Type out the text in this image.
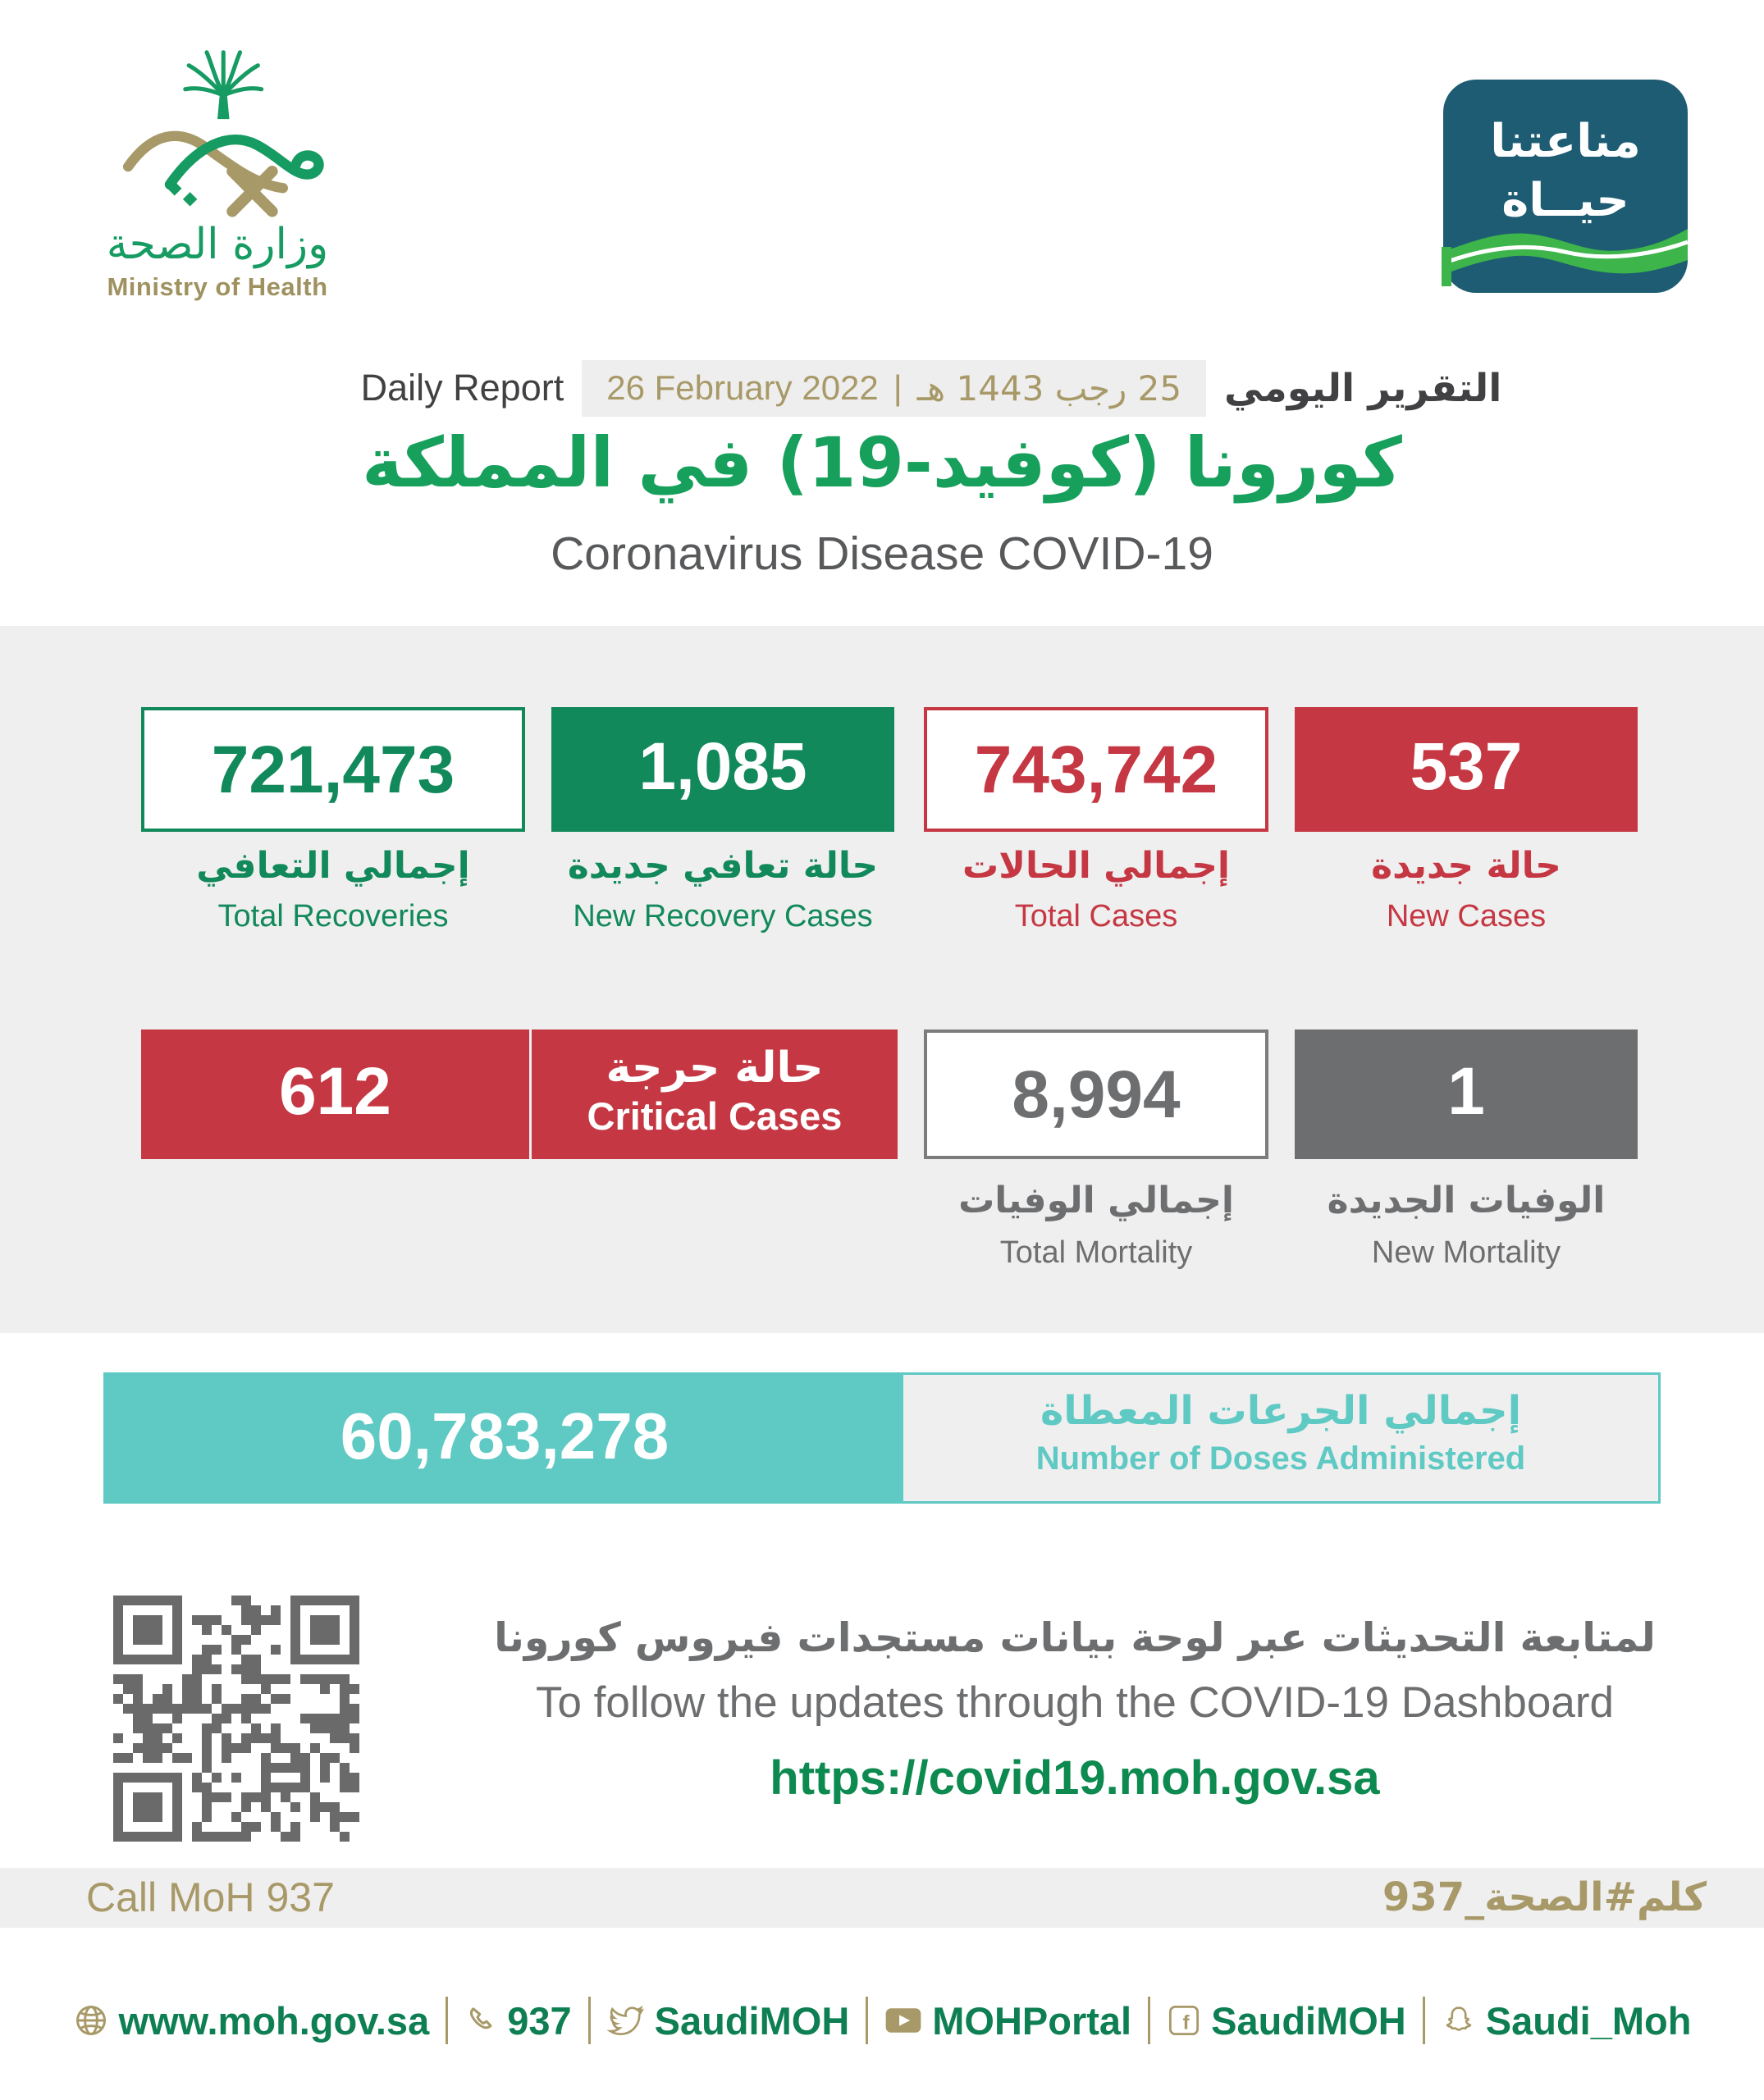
وزارة الصحة
Ministry of Health
مناعتنا
حيــاة
التقرير اليومي
25 رجب 1443 هـ
|
26 February 2022
Daily Report
كورونا (كوفيد-19) في المملكة
Coronavirus Disease COVID-19
721,473	1,085	743,742	537
إجمالي التعافي
Total Recoveries
حالة تعافي جديدة
New Recovery Cases
إجمالي الحالات
Total Cases
حالة جديدة
New Cases
612	حالة حرجة
Critical Cases	8,994	1
إجمالي الوفيات
Total Mortality
الوفيات الجديدة
New Mortality
60,783,278	إجمالي الجرعات المعطاة
Number of Doses Administered
لمتابعة التحديثات عبر لوحة بيانات مستجدات فيروس كورونا
To follow the updates through the COVID-19 Dashboard
https://covid19.moh.gov.sa
Call MoH 937	كلم#الصحة_937
www.moh.gov.sa 937 SaudiMOH MOHPortal	f SaudiMOH Saudi_Moh
